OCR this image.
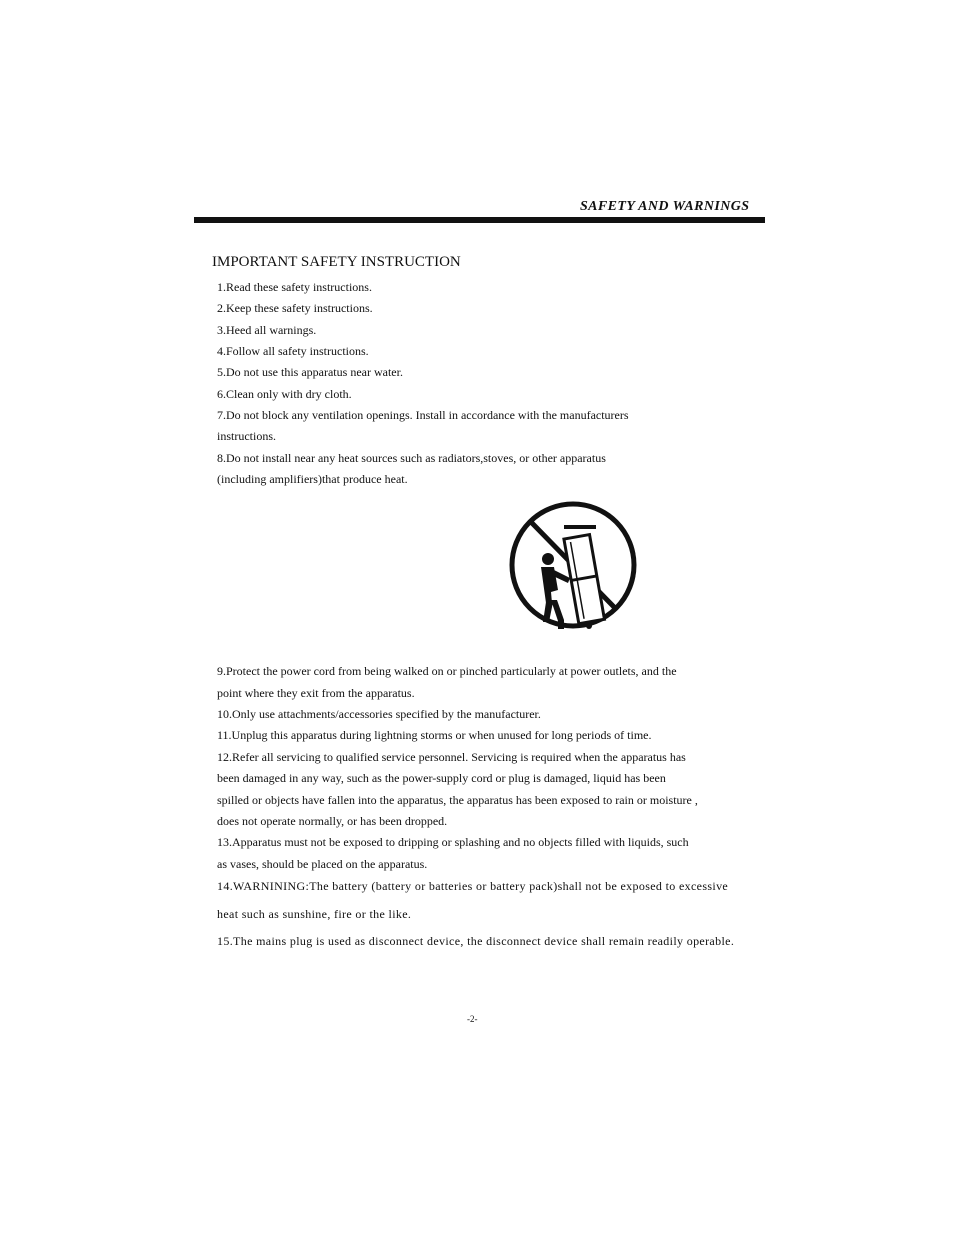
SAFETY AND WARNINGS
IMPORTANT SAFETY INSTRUCTION
1.Read these safety instructions.
2.Keep these safety instructions.
3.Heed all warnings.
4.Follow all safety instructions.
5.Do not use this apparatus near water.
6.Clean only with dry cloth.
7.Do not block any ventilation openings. Install in accordance with the manufacturers
instructions.
8.Do not install near any heat sources such as radiators,stoves, or other apparatus
(including amplifiers)that produce heat.
9.Protect the power cord from being walked on or pinched particularly at power outlets, and the
point where they exit from the apparatus.
10.Only use attachments/accessories specified by the manufacturer.
11.Unplug this apparatus during lightning storms or when unused for long periods of time.
12.Refer all servicing to qualified service personnel. Servicing is required when the apparatus has
been damaged in any way, such as the power-supply cord or plug is damaged, liquid has been
spilled or objects have fallen into the apparatus, the apparatus has been exposed to rain or moisture ,
does not operate normally, or has been dropped.
13.Apparatus must not be exposed to dripping or splashing and no objects filled with liquids, such
as vases, should be placed on the apparatus.
14.WARNINING:The battery (battery or batteries or battery pack)shall not be exposed to excessive
heat such as sunshine, fire or the like.
15.The mains plug is used as disconnect device, the disconnect device shall remain readily operable.
-2-
